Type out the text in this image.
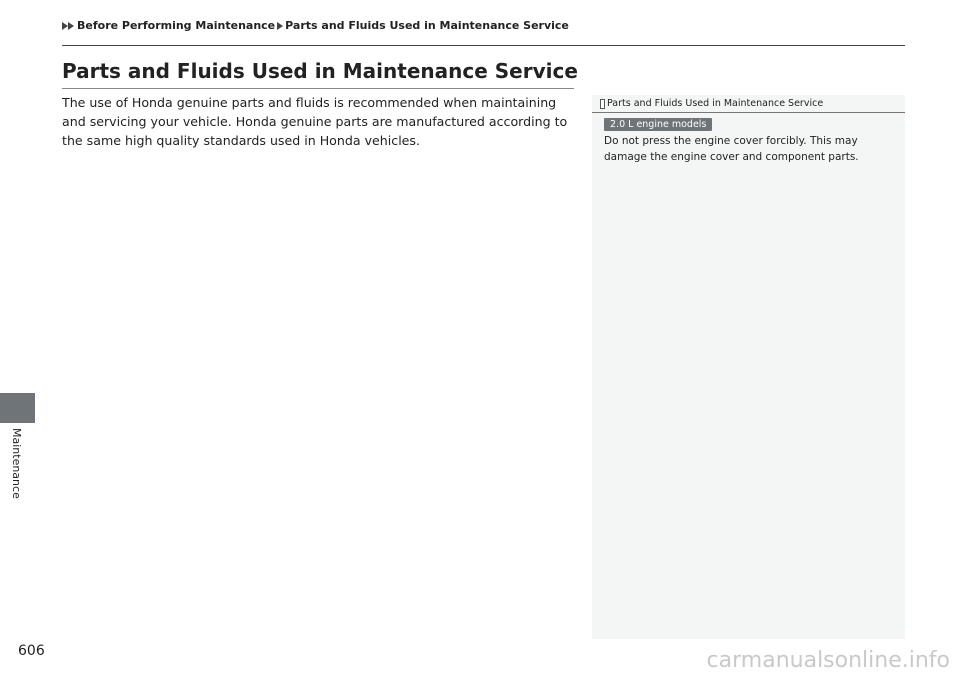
Before Performing Maintenance Parts and Fluids Used in Maintenance Service
Parts and Fluids Used in Maintenance Service

The use of Honda genuine parts and fluids is recommended when maintaining and servicing your vehicle. Honda genuine parts are manufactured according to the same high quality standards used in Honda vehicles.

Parts and Fluids Used in Maintenance Service
2.0 L engine models

Do not press the engine cover forcibly. This may damage the engine cover and component parts.

Maintenance
606	carmanualsonline.info
